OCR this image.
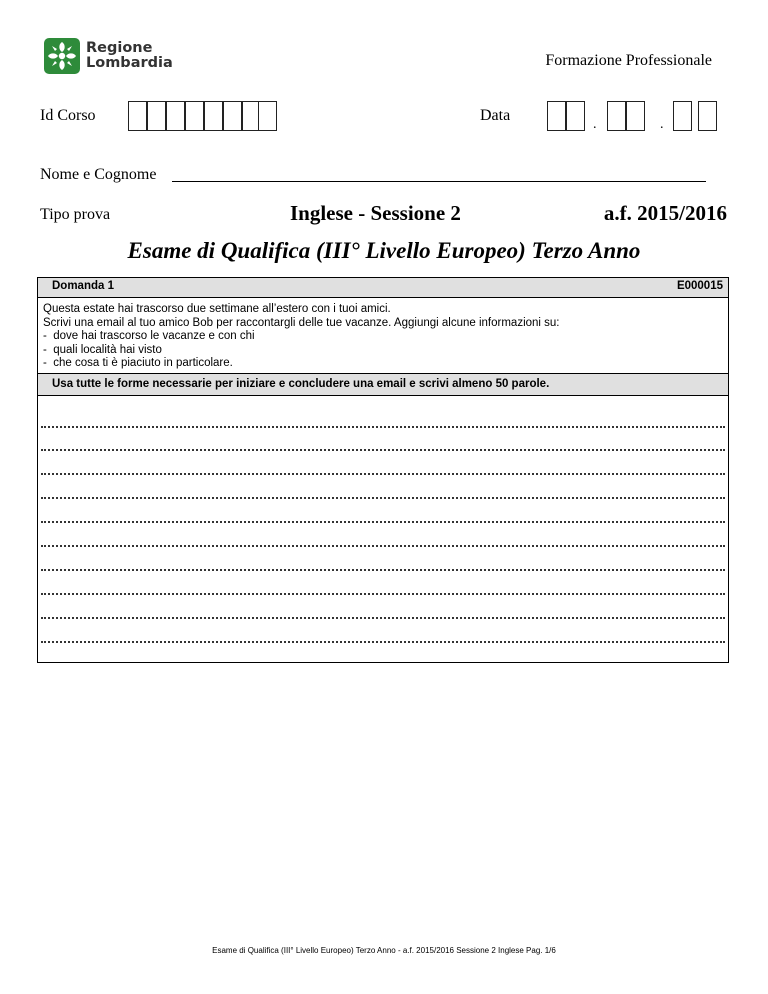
Regione
Lombardia	Formazione Professionale
Id Corso	Data
.	.
Nome e Cognome
Tipo prova	Inglese - Sessione 2	a.f. 2015/2016
Esame di Qualifica (III° Livello Europeo) Terzo Anno
Domanda 1	E000015
Questa estate hai trascorso due settimane all’estero con i tuoi amici.
Scrivi una email al tuo amico Bob per raccontargli delle tue vacanze. Aggiungi alcune informazioni su:
-  dove hai trascorso le vacanze e con chi
-  quali località hai visto
-  che cosa ti è piaciuto in particolare.
Usa tutte le forme necessarie per iniziare e concludere una email e scrivi almeno 50 parole.
Esame di Qualifica (III° Livello Europeo) Terzo Anno - a.f. 2015/2016 Sessione 2 Inglese Pag. 1/6
